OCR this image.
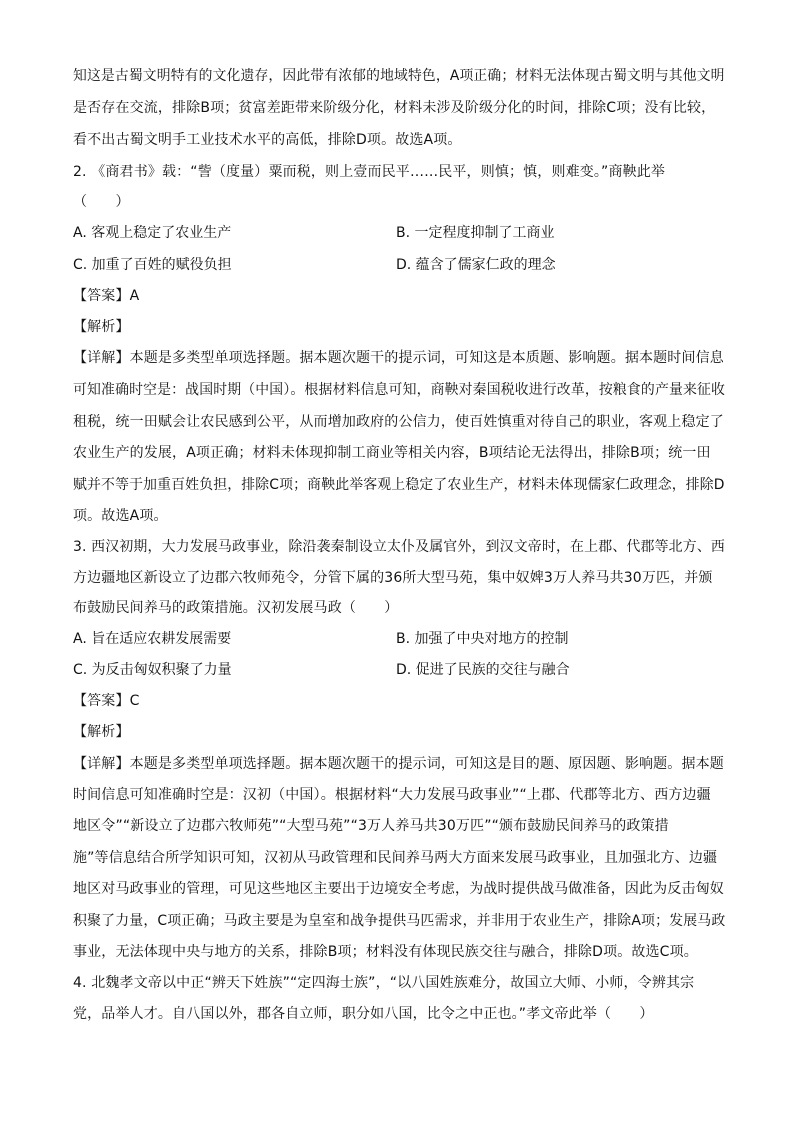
知这是古蜀文明特有的文化遗存，因此带有浓郁的地域特色，A项正确；材料无法体现古蜀文明与其他文明
是否存在交流，排除B项；贫富差距带来阶级分化，材料未涉及阶级分化的时间，排除C项；没有比较，
看不出古蜀文明手工业技术水平的高低，排除D项。故选A项。
2. 《商君书》载：“訾（度量）粟而税，则上壹而民平……民平，则慎；慎，则难变。”商鞅此举
（　　）
A. 客观上稳定了农业生产	B. 一定程度抑制了工商业
C. 加重了百姓的赋役负担	D. 蕴含了儒家仁政的理念
【答案】A
【解析】
【详解】本题是多类型单项选择题。据本题次题干的提示词，可知这是本质题、影响题。据本题时间信息
可知准确时空是：战国时期（中国）。根据材料信息可知，商鞅对秦国税收进行改革，按粮食的产量来征收
租税，统一田赋会让农民感到公平，从而增加政府的公信力，使百姓慎重对待自己的职业，客观上稳定了
农业生产的发展，A项正确；材料未体现抑制工商业等相关内容，B项结论无法得出，排除B项；统一田
赋并不等于加重百姓负担，排除C项；商鞅此举客观上稳定了农业生产，材料未体现儒家仁政理念，排除D
项。故选A项。
3. 西汉初期，大力发展马政事业，除沿袭秦制设立太仆及属官外，到汉文帝时，在上郡、代郡等北方、西
方边疆地区新设立了边郡六牧师苑令，分管下属的36所大型马苑，集中奴婢3万人养马共30万匹，并颁
布鼓励民间养马的政策措施。汉初发展马政（　　）
A. 旨在适应农耕发展需要	B. 加强了中央对地方的控制
C. 为反击匈奴积聚了力量	D. 促进了民族的交往与融合
【答案】C
【解析】
【详解】本题是多类型单项选择题。据本题次题干的提示词，可知这是目的题、原因题、影响题。据本题
时间信息可知准确时空是：汉初（中国）。根据材料“大力发展马政事业”“上郡、代郡等北方、西方边疆
地区令”“新设立了边郡六牧师苑”“大型马苑”“3万人养马共30万匹”“颁布鼓励民间养马的政策措
施”等信息结合所学知识可知，汉初从马政管理和民间养马两大方面来发展马政事业，且加强北方、边疆
地区对马政事业的管理，可见这些地区主要出于边境安全考虑，为战时提供战马做准备，因此为反击匈奴
积聚了力量，C项正确；马政主要是为皇室和战争提供马匹需求，并非用于农业生产，排除A项；发展马政
事业，无法体现中央与地方的关系，排除B项；材料没有体现民族交往与融合，排除D项。故选C项。
4. 北魏孝文帝以中正“辨天下姓族”“定四海士族”，“以八国姓族难分，故国立大师、小师，令辨其宗
党，品举人才。自八国以外，郡各自立师，职分如八国，比令之中正也。”孝文帝此举（　　）
